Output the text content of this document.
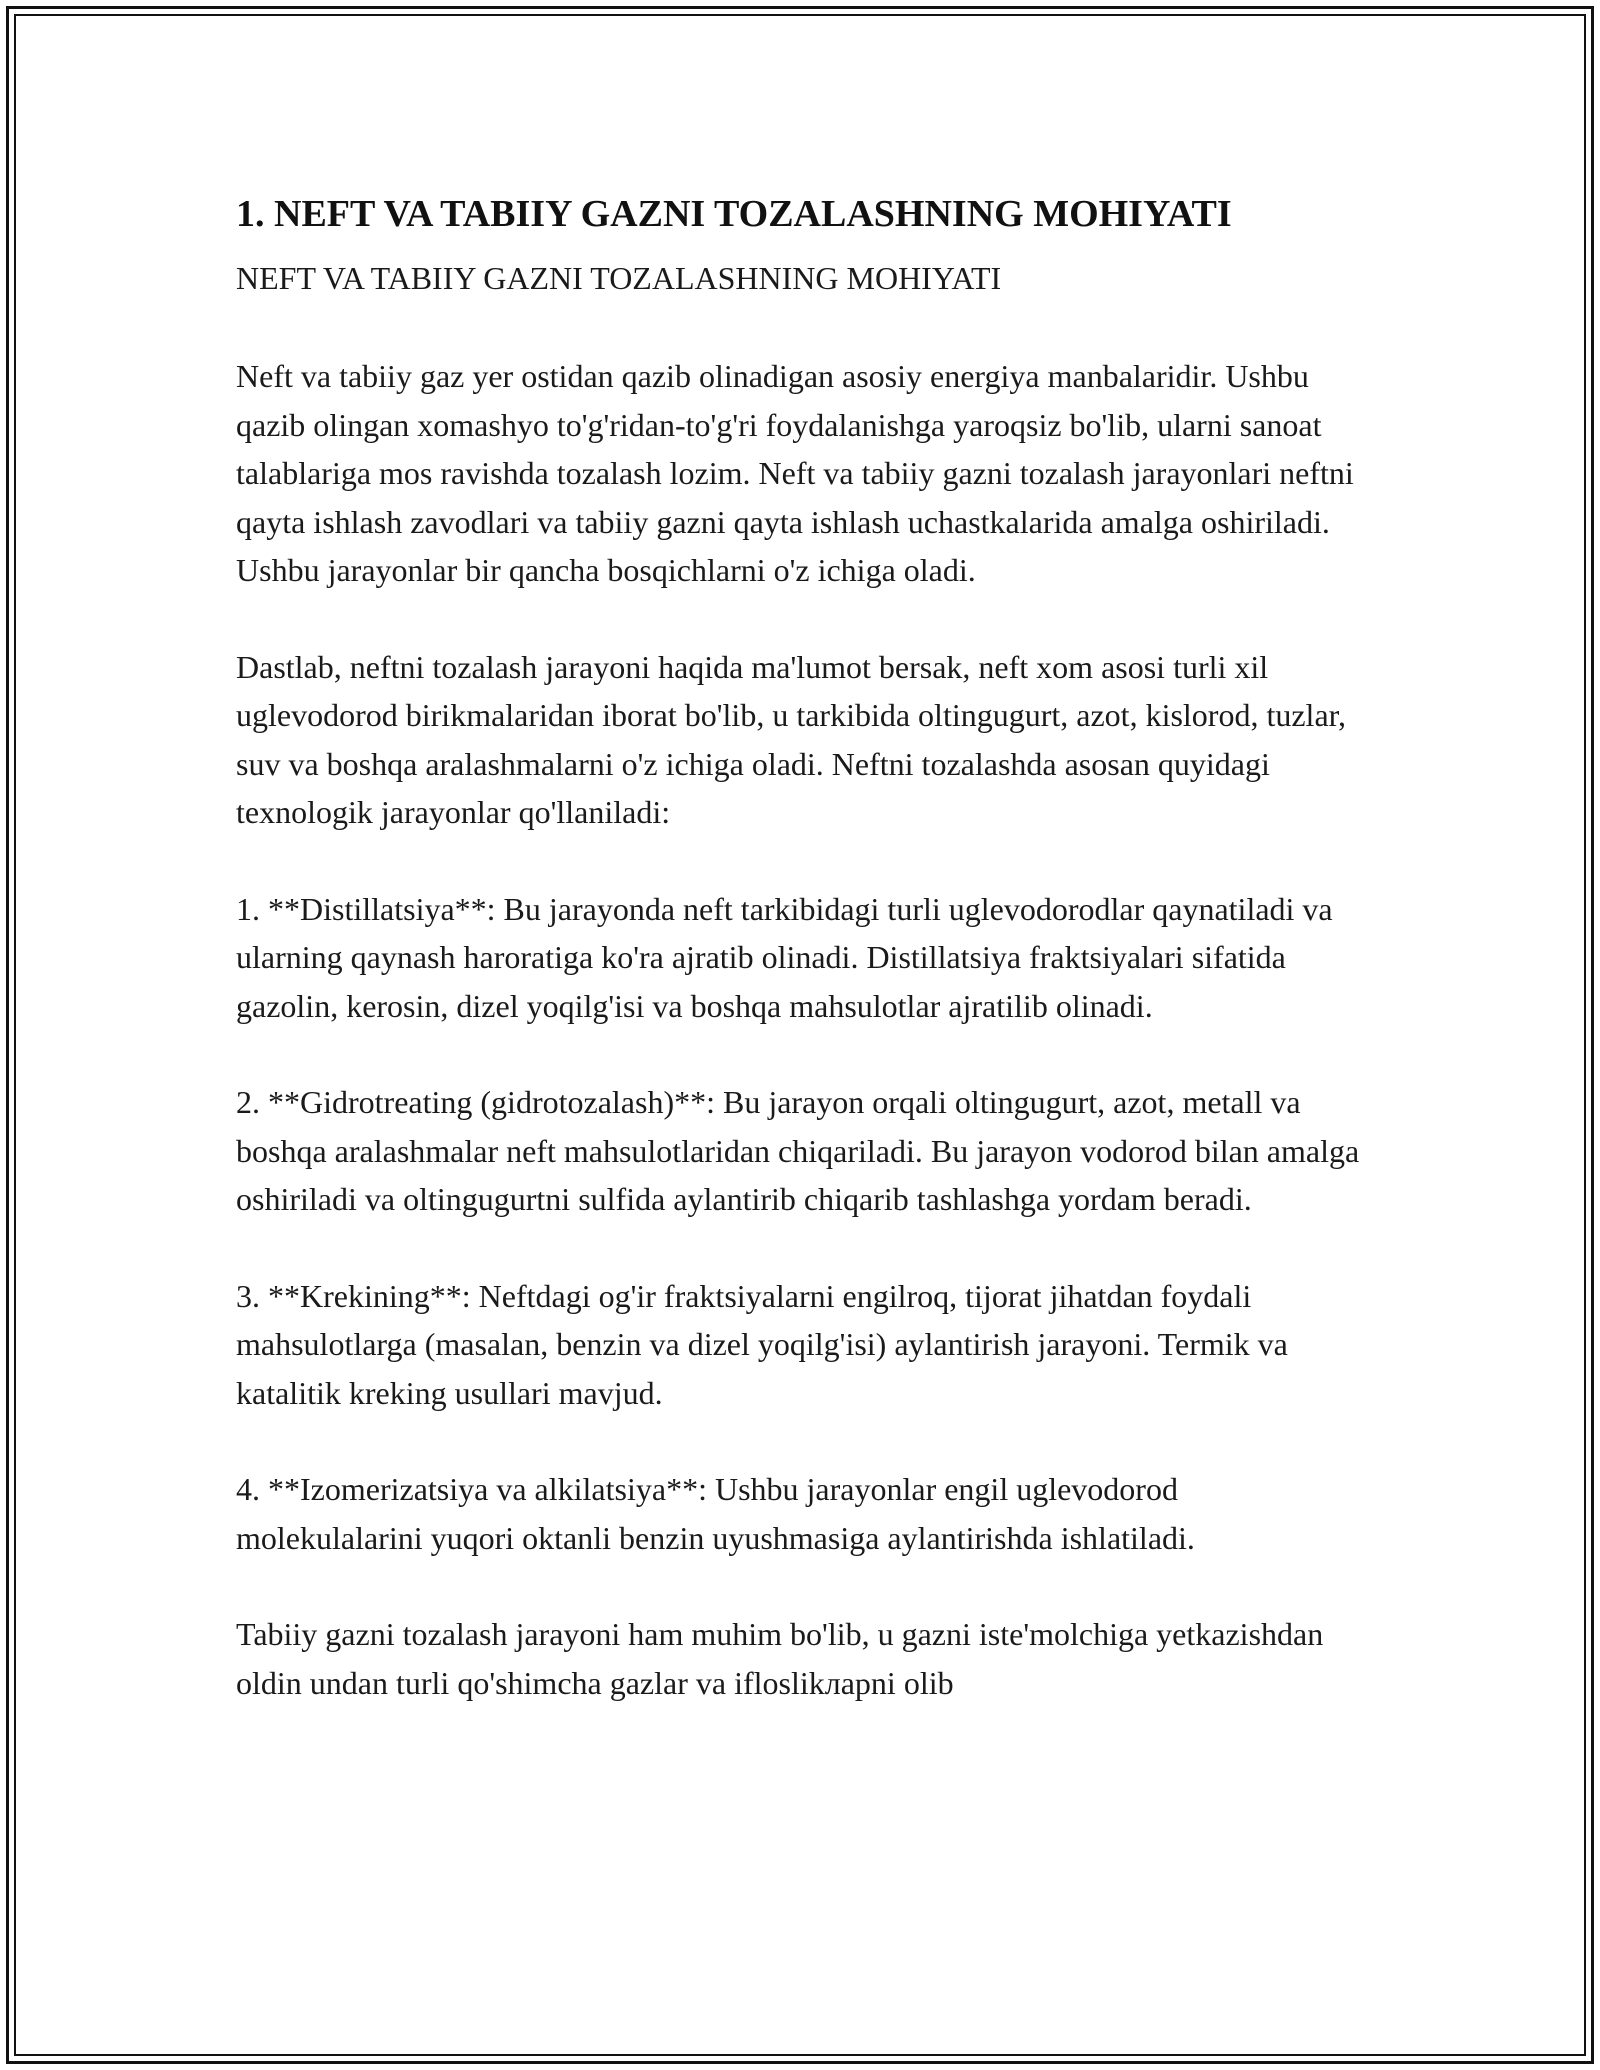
1. NEFT VA TABIIY GAZNI TOZALASHNING MOHIYATI

NEFT VA TABIIY GAZNI TOZALASHNING MOHIYATI

Neft va tabiiy gaz yer ostidan qazib olinadigan asosiy energiya manbalaridir. Ushbu qazib olingan xomashyo to'g'ridan-to'g'ri foydalanishga yaroqsiz bo'lib, ularni sanoat talablariga mos ravishda tozalash lozim. Neft va tabiiy gazni tozalash jarayonlari neftni qayta ishlash zavodlari va tabiiy gazni qayta ishlash uchastkalarida amalga oshiriladi. Ushbu jarayonlar bir qancha bosqichlarni o'z ichiga oladi.

Dastlab, neftni tozalash jarayoni haqida ma'lumot bersak, neft xom asosi turli xil uglevodorod birikmalaridan iborat bo'lib, u tarkibida oltingugurt, azot, kislorod, tuzlar, suv va boshqa aralashmalarni o'z ichiga oladi. Neftni tozalashda asosan quyidagi texnologik jarayonlar qo'llaniladi:

1. **Distillatsiya**: Bu jarayonda neft tarkibidagi turli uglevodorodlar qaynatiladi va ularning qaynash haroratiga ko'ra ajratib olinadi. Distillatsiya fraktsiyalari sifatida gazolin, kerosin, dizel yoqilg'isi va boshqa mahsulotlar ajratilib olinadi.

2. **Gidrotreating (gidrotozalash)**: Bu jarayon orqali oltingugurt, azot, metall va boshqa aralashmalar neft mahsulotlaridan chiqariladi. Bu jarayon vodorod bilan amalga oshiriladi va oltingugurtni sulfida aylantirib chiqarib tashlashga yordam beradi.

3. **Krekining**: Neftdagi og'ir fraktsiyalarni engilroq, tijorat jihatdan foydali mahsulotlarga (masalan, benzin va dizel yoqilg'isi) aylantirish jarayoni. Termik va katalitik kreking usullari mavjud.

4. **Izomerizatsiya va alkilatsiya**: Ushbu jarayonlar engil uglevodorod molekulalarini yuqori oktanli benzin uyushmasiga aylantirishda ishlatiladi.

Tabiiy gazni tozalash jarayoni ham muhim bo'lib, u gazni iste'molchiga yetkazishdan oldin undan turli qo'shimcha gazlar va ifloslikларni olib
